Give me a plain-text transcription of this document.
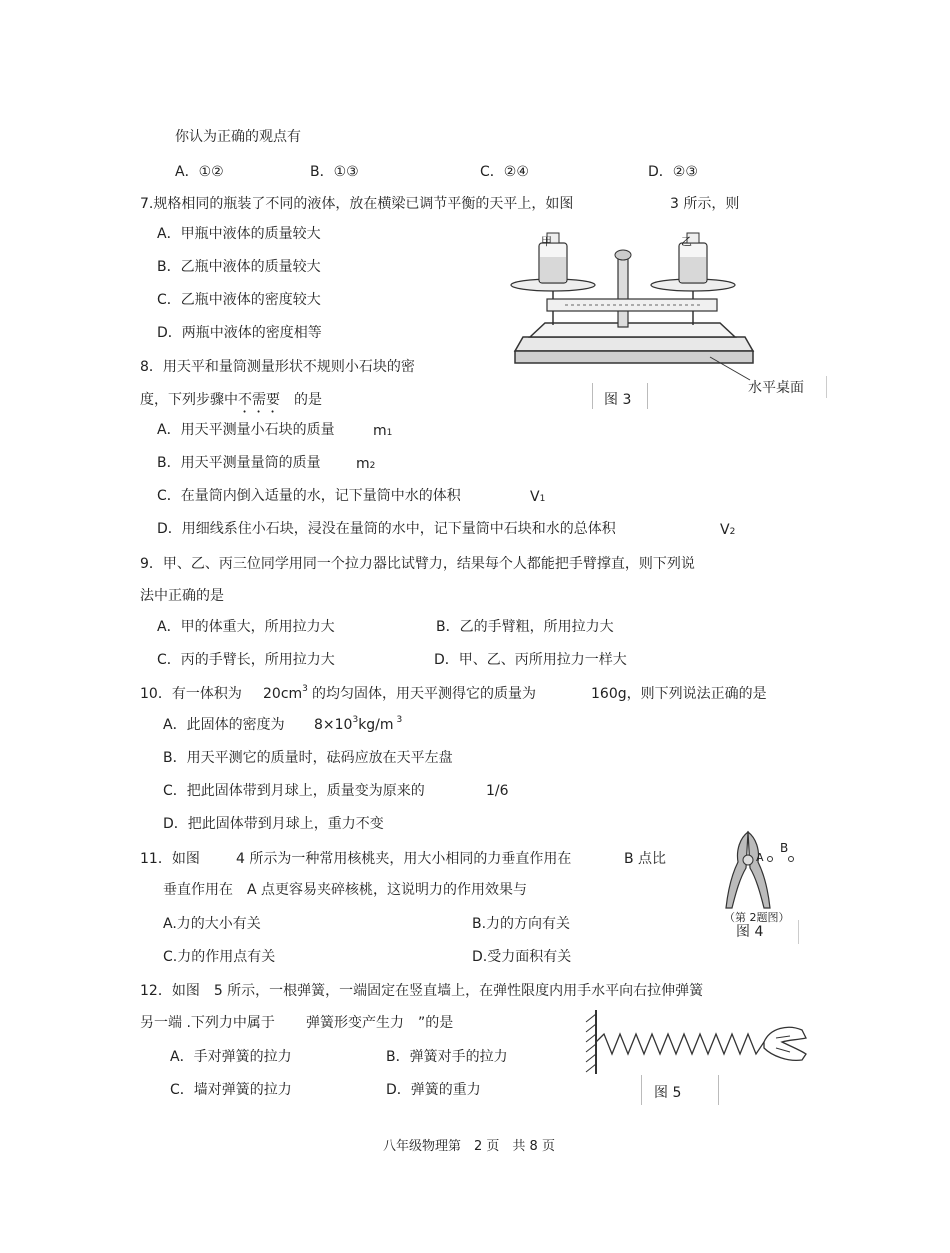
你认为正确的观点有
A．①②	B．①③	C．②④	D．②③
7.规格相同的瓶装了不同的液体，放在横梁已调节平衡的天平上，如图	3 所示，则
A．甲瓶中液体的质量较大
B．乙瓶中液体的质量较大
C．乙瓶中液体的密度较大
D．两瓶中液体的密度相等
甲	乙
图 3
水平桌面
8．用天平和量筒测量形状不规则小石块的密
度，下列步骤中不需要 的是
A．用天平测量小石块的质量	m1
B．用天平测量量筒的质量	m2
C．在量筒内倒入适量的水，记下量筒中水的体积	V1
D．用细线系住小石块，浸没在量筒的水中，记下量筒中石块和水的总体积	V2
9．甲、乙、丙三位同学用同一个拉力器比试臂力，结果每个人都能把手臂撑直，则下列说
法中正确的是
A．甲的体重大，所用拉力大	B．乙的手臂粗，所用拉力大
C．丙的手臂长，所用拉力大	D．甲、乙、丙所用拉力一样大
10．有一体积为 $20cm^3$ 的均匀固体，用天平测得它的质量为	160g，则下列说法正确的是
A．此固体的密度为 $8\times 10^3kg/m$ $^3$
B．用天平测它的质量时，砝码应放在天平左盘
C．把此固体带到月球上，质量变为原来的	1/6
D．把此固体带到月球上，重力不变
11．如图	4 所示为一种常用核桃夹，用大小相同的力垂直作用在	B 点比
垂直作用在　A 点更容易夹碎核桃，这说明力的作用效果与
A.力的大小有关	B.力的方向有关
C.力的作用点有关	D.受力面积有关
A
B
（第 2题图）
图 4
12．如图　5 所示，一根弹簧，一端固定在竖直墙上，在弹性限度内用手水平向右拉伸弹簧
另一端 .下列力中属于 弹簧形变产生力　”的是
A．手对弹簧的拉力	B．弹簧对手的拉力
C．墙对弹簧的拉力	D．弹簧的重力	图 5
八年级物理第　2 页　共 8 页
